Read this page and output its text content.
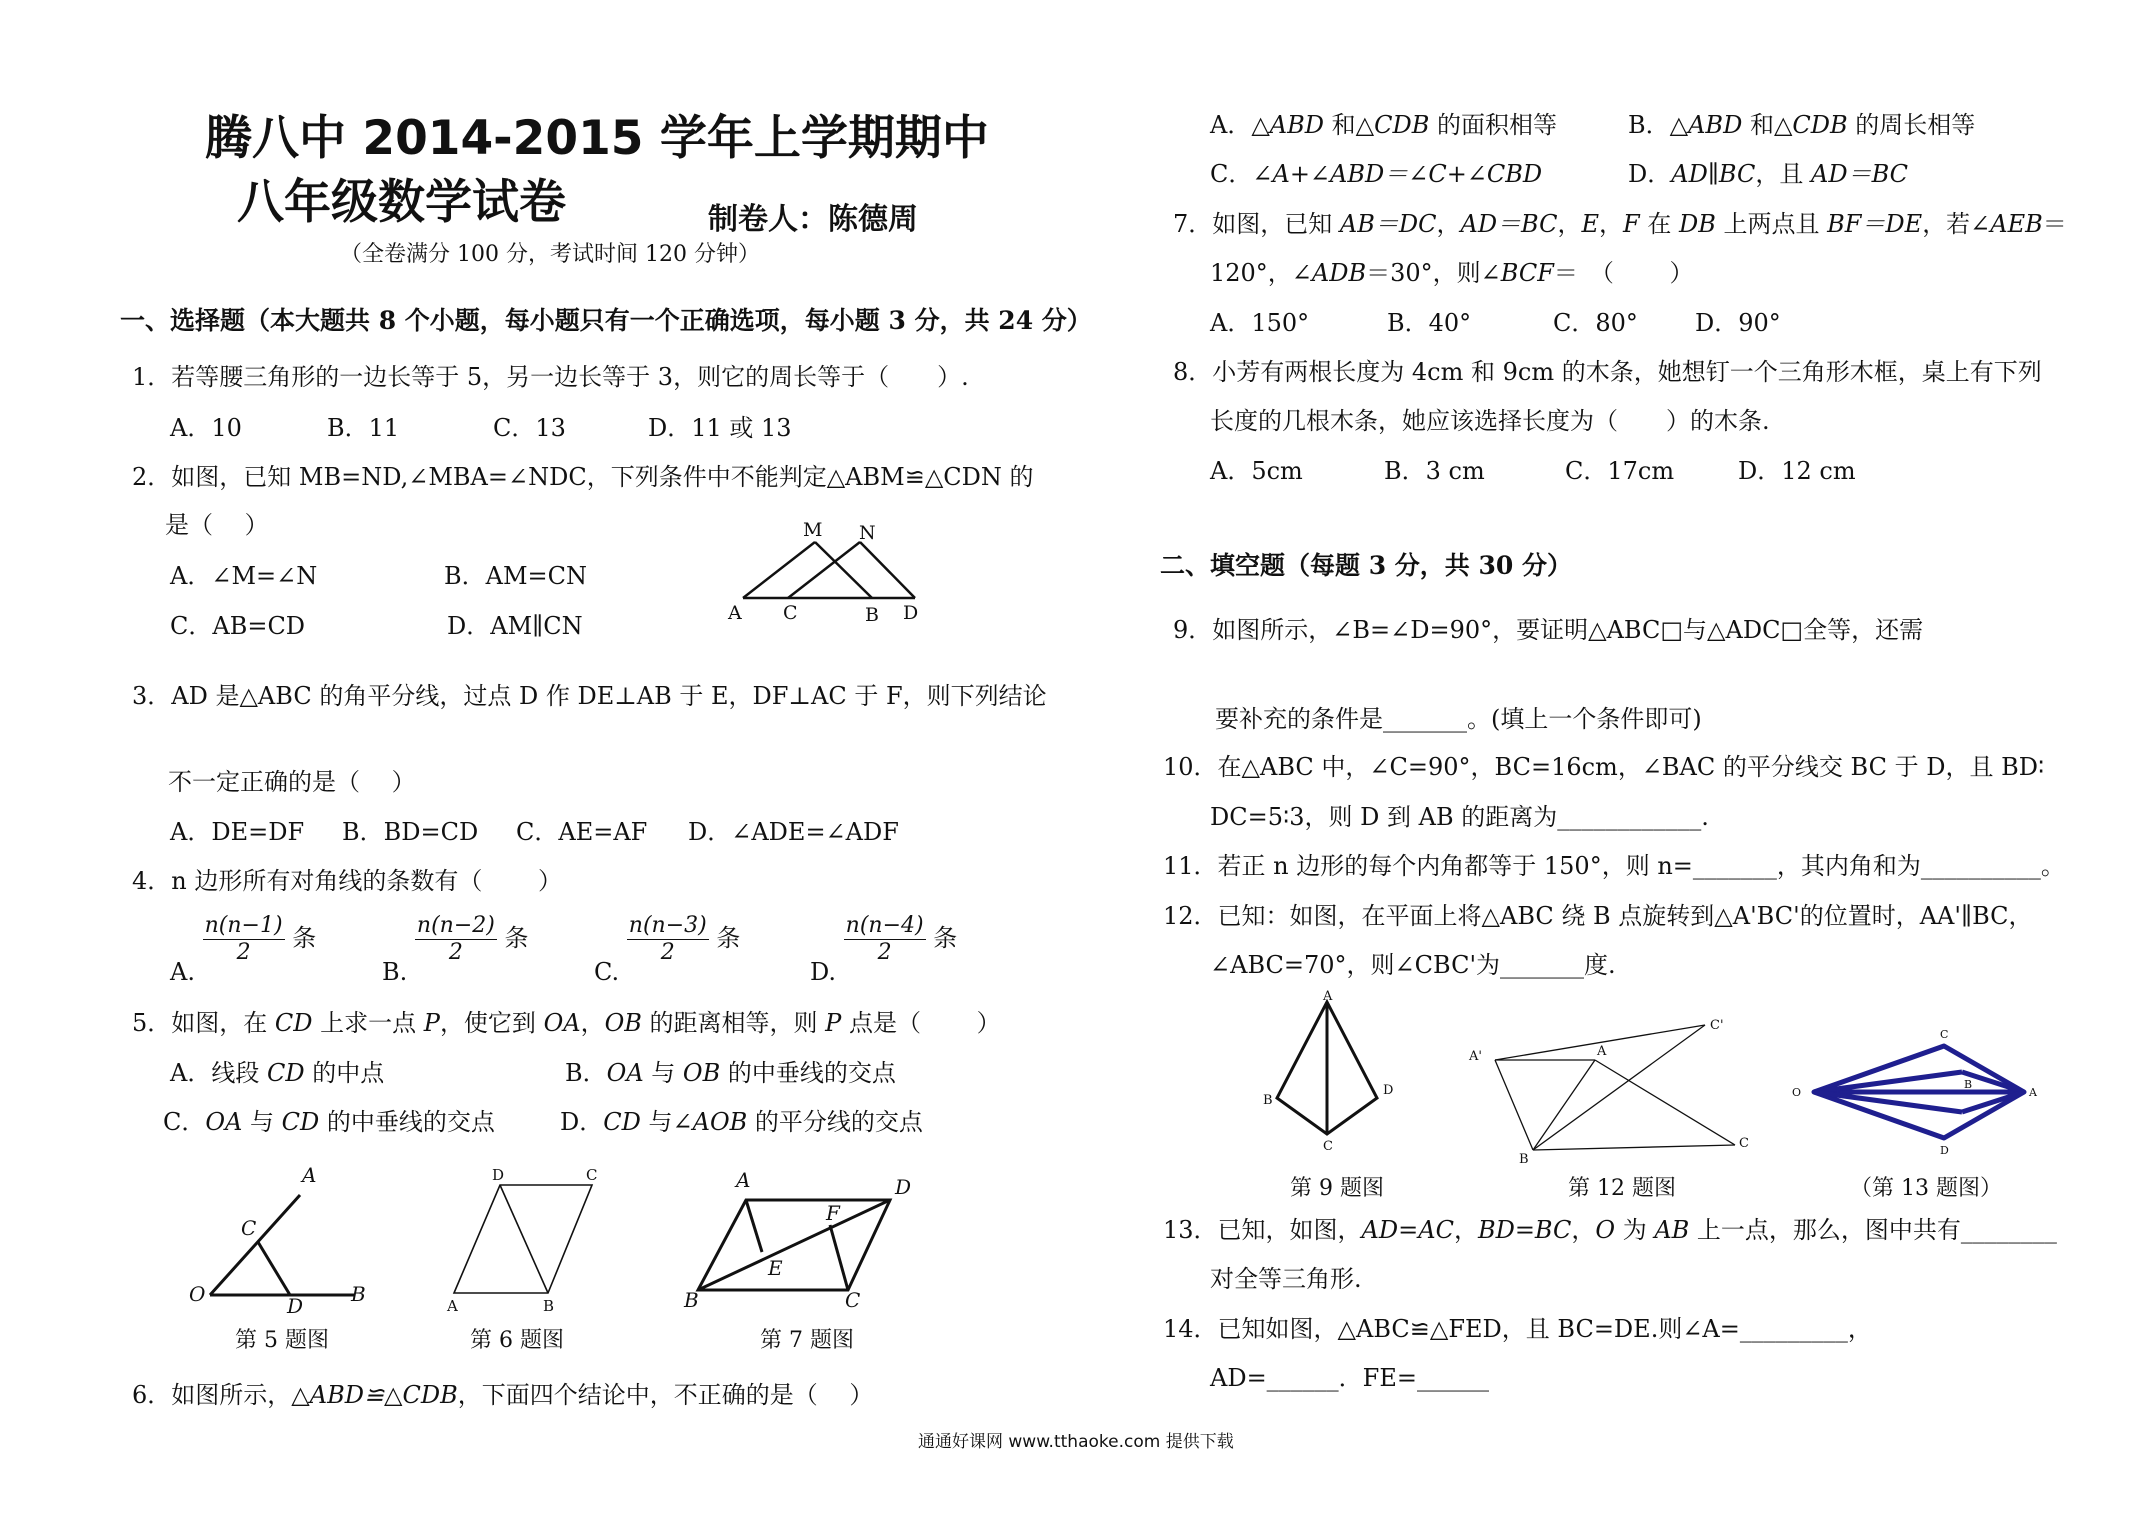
腾八中 2014-2015 学年上学期期中
八年级数学试卷	制卷人：陈德周
（全卷满分 100 分，考试时间 120 分钟）
一、选择题（本大题共 8 个小题，每小题只有一个正确选项，每小题 3 分，共 24 分）
1．若等腰三角形的一边长等于 5，另一边长等于 3，则它的周长等于（　　）.
A．10	B．11	C．13	D．11 或 13
2．如图，已知 MB=ND,∠MBA=∠NDC，下列条件中不能判定△ABM≌△CDN 的
是（　 ）
A．∠M=∠N	B．AM=CN
C．AB=CD	D．AM∥CN
M N
A C	B D
3．AD 是△ABC 的角平分线，过点 D 作 DE⊥AB 于 E，DF⊥AC 于 F，则下列结论
不一定正确的是（　 ）
A．DE=DF B．BD=CD C．AE=AF D．∠ADE=∠ADF
4．n 边形所有对角线的条数有（　　 ）
A.
$\frac{n(n-1)}{2}$ 条
B.
$\frac{n(n-2)}{2}$ 条
C.
$\frac{n(n-3)}{2}$ 条
D.
$\frac{n(n-4)}{2}$ 条
5．如图，在 CD 上求一点 P，使它到 OA，OB 的距离相等，则 P 点是（　　 ）
A．线段 CD 的中点	B．OA 与 OB 的中垂线的交点
C．OA 与 CD 的中垂线的交点	D．CD 与∠AOB 的平分线的交点
A
C
O	D B
第 5 题图
D	C
A	B
第 6 题图
A	D
F
E
B	C
第 7 题图
6．如图所示，△ABD≌△CDB，下面四个结论中，不正确的是（　 ）
A．△ABD 和△CDB 的面积相等	B．△ABD 和△CDB 的周长相等
C．∠A+∠ABD＝∠C+∠CBD	D．AD∥BC，且 AD＝BC
7．如图，已知 AB＝DC，AD＝BC，E，F 在 DB 上两点且 BF＝DE，若∠AEB＝
120°，∠ADB＝30°，则∠BCF＝　（　　 ）
A．150°	B．40°	C．80° D．90°
8．小芳有两根长度为 4cm 和 9cm 的木条，她想钉一个三角形木框，桌上有下列
长度的几根木条，她应该选择长度为（　　）的木条.
A．5cm	B．3 cm	C．17cm	D．12 cm
二、填空题（每题 3 分，共 30 分）
9．如图所示，∠B=∠D=90°，要证明△ABC□与△ADC□全等，还需
要补充的条件是_______。(填上一个条件即可)
10．在△ABC 中，∠C=90°，BC=16cm，∠BAC 的平分线交 BC 于 D，且 BD∶
DC=5∶3，则 D 到 AB 的距离为____________.
11．若正 n 边形的每个内角都等于 150°，则 n=_______，其内角和为__________。
12．已知：如图，在平面上将△ABC 绕 B 点旋转到△A'BC'的位置时，AA'∥BC，
∠ABC=70°，则∠CBC'为_______度.
A
B
C
D
第 9 题图
A'	A
C'
B
C
第 12 题图
C
O
B
A
D
（第 13 题图）
13．已知，如图，AD=AC，BD=BC，O 为 AB 上一点，那么，图中共有________
对全等三角形.
14．已知如图，△ABC≌△FED，且 BC=DE.则∠A=_________，
AD=______．FE=______
通通好课网 www.tthaoke.com 提供下载
